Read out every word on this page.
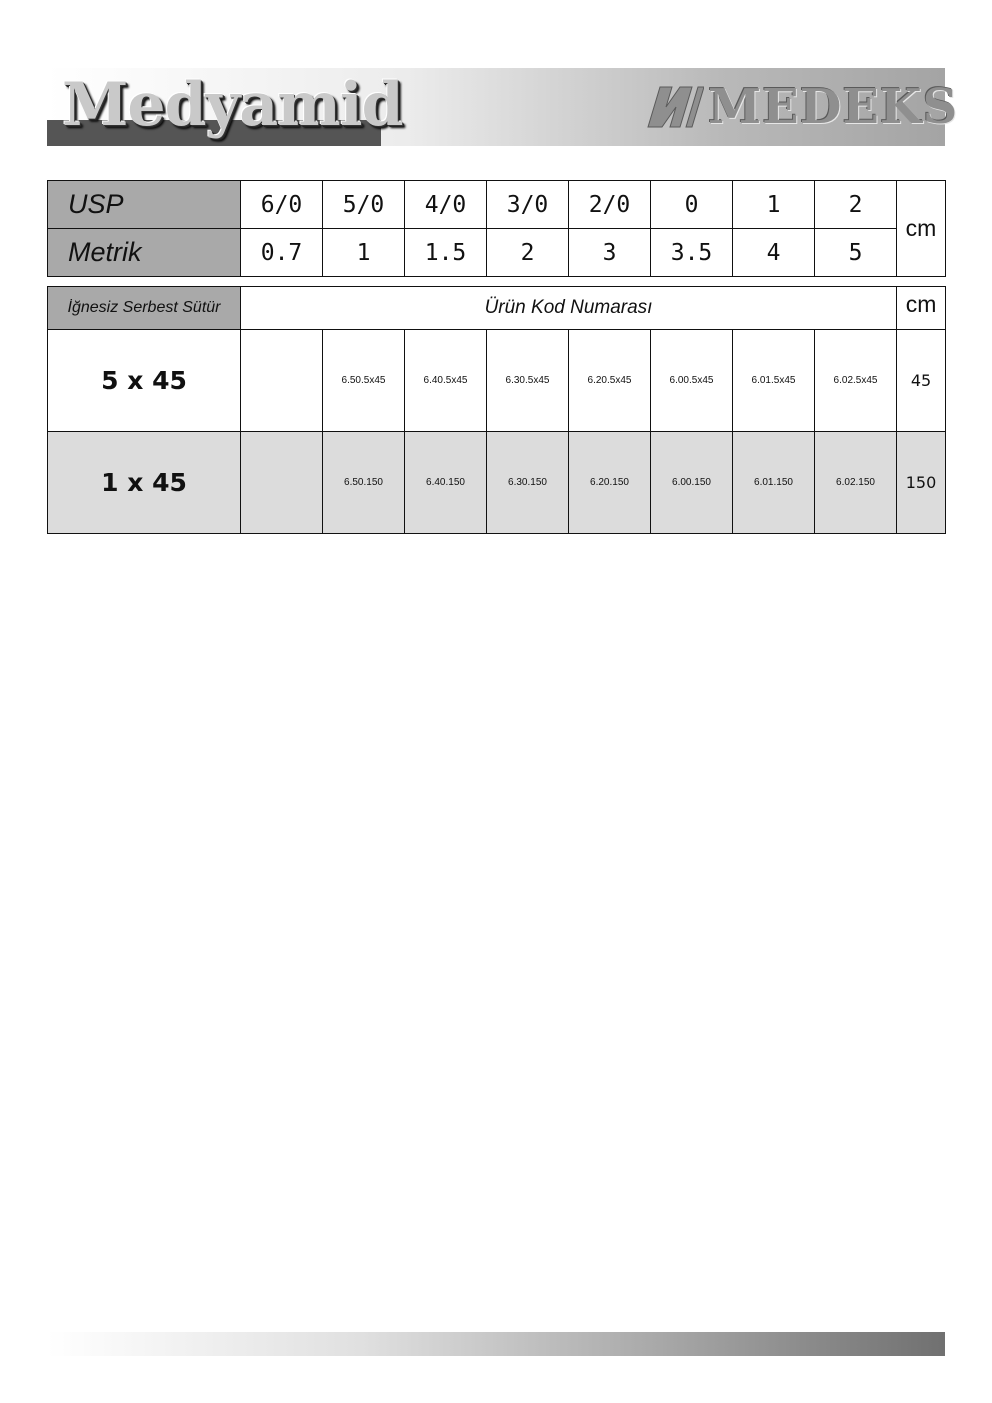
Medyamid	MEDEKS
USP	6/0	5/0	4/0	3/0	2/0	0	1	2	cm
Metrik	0.7	1	1.5	2	3	3.5	4	5	
İğnesiz Serbest Sütür	Ürün Kod Numarası								cm
5 x 45		6.50.5x45	6.40.5x45	6.30.5x45	6.20.5x45	6.00.5x45	6.01.5x45	6.02.5x45	45
1 x 45		6.50.150	6.40.150	6.30.150	6.20.150	6.00.150	6.01.150	6.02.150	150
